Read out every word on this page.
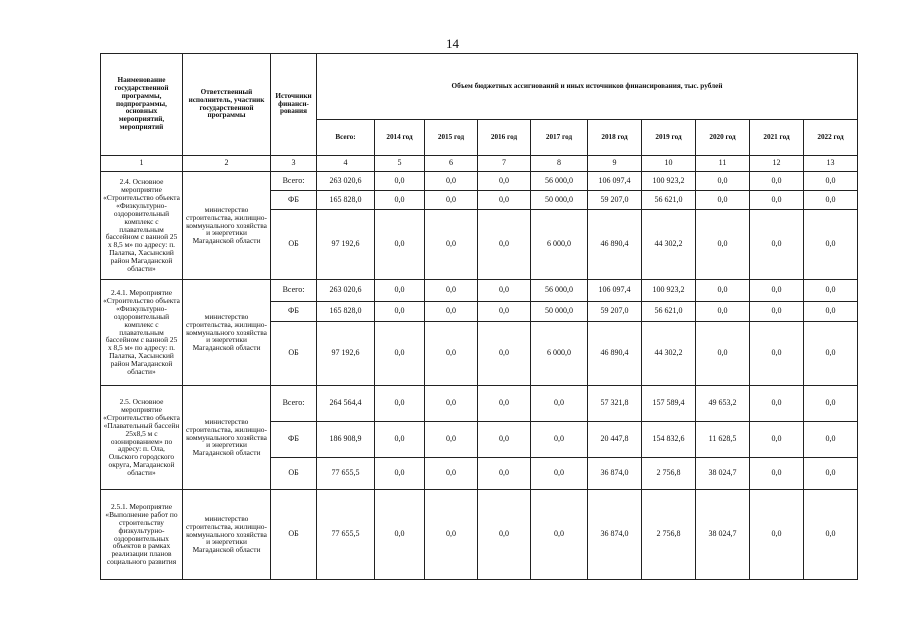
14
Наименование государственной программы, подпрограммы, основных мероприятий, мероприятий	Ответственный исполнитель, участник государственной программы	Источники финанси-рования	Объем бюджетных ассигнований и иных источников финансирования, тыс. рублей									
			Всего:	2014 год	2015 год	2016 год	2017 год	2018 год	2019 год	2020 год	2021 год	2022 год
1	2	3	4	5	6	7	8	9	10	11	12	13
2.4. Основное мероприятие «Строительство объекта «Физкультурно-оздоровительный комплекс с плавательным бассейном с ванной 25 х 8,5 м» по адресу: п. Палатка, Хасынский район Магаданской области»	министерство строительства, жилищно-коммунального хозяйства и энергетики Магаданской области	Всего:	263 020,6	0,0	0,0	0,0	56 000,0	106 097,4	100 923,2	0,0	0,0	0,0
		ФБ	165 828,0	0,0	0,0	0,0	50 000,0	59 207,0	56 621,0	0,0	0,0	0,0
		ОБ	97 192,6	0,0	0,0	0,0	6 000,0	46 890,4	44 302,2	0,0	0,0	0,0
2.4.1. Мероприятие «Строительство объекта «Физкультурно-оздоровительный комплекс с плавательным бассейном с ванной 25 х 8,5 м» по адресу: п. Палатка, Хасынский район Магаданской области»	министерство строительства, жилищно-коммунального хозяйства и энергетики Магаданской области	Всего:	263 020,6	0,0	0,0	0,0	56 000,0	106 097,4	100 923,2	0,0	0,0	0,0
		ФБ	165 828,0	0,0	0,0	0,0	50 000,0	59 207,0	56 621,0	0,0	0,0	0,0
		ОБ	97 192,6	0,0	0,0	0,0	6 000,0	46 890,4	44 302,2	0,0	0,0	0,0
2.5. Основное мероприятие «Строительство объекта «Плавательный бассейн 25х8,5 м с озонированием» по адресу: п. Ола, Ольского городского округа, Магаданской области»	министерство строительства, жилищно-коммунального хозяйства и энергетики Магаданской области	Всего:	264 564,4	0,0	0,0	0,0	0,0	57 321,8	157 589,4	49 653,2	0,0	0,0
		ФБ	186 908,9	0,0	0,0	0,0	0,0	20 447,8	154 832,6	11 628,5	0,0	0,0
		ОБ	77 655,5	0,0	0,0	0,0	0,0	36 874,0	2 756,8	38 024,7	0,0	0,0
2.5.1. Мероприятие «Выполнение работ по строительству физкультурно-оздоровительных объектов в рамках реализации планов социального развития	министерство строительства, жилищно-коммунального хозяйства и энергетики Магаданской области	ОБ	77 655,5	0,0	0,0	0,0	0,0	36 874,0	2 756,8	38 024,7	0,0	0,0
